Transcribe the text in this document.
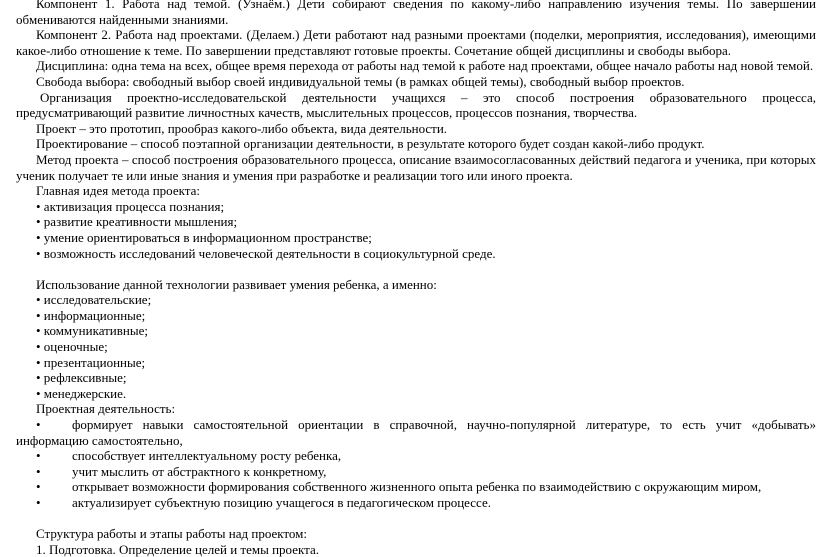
Компонент 1. Работа над темой. (Узнаём.) Дети собирают сведения по какому-либо направлению изучения темы. По завершении обмениваются найденными знаниями.

Компонент 2. Работа над проектами. (Делаем.) Дети работают над разными проектами (поделки, мероприятия, исследования), имеющими какое-либо отношение к теме. По завершении представляют готовые проекты. Сочетание общей дисциплины и свободы выбора.

Дисциплина: одна тема на всех, общее время перехода от работы над темой к работе над проектами, общее начало работы над новой темой.

Свобода выбора: свободный выбор своей индивидуальной темы (в рамках общей темы), свободный выбор проектов.

Организация проектно-исследовательской деятельности учащихся – это способ построения образовательного процесса, предусматривающий развитие личностных качеств, мыслительных процессов, процессов познания, творчества.

Проект – это прототип, прообраз какого-либо объекта, вида деятельности.

Проектирование – способ поэтапной организации деятельности, в результате которого будет создан какой-либо продукт.

Метод проекта – способ построения образовательного процесса, описание взаимосогласованных действий педагога и ученика, при которых ученик получает те или иные знания и умения при разработке и реализации того или иного проекта.

Главная идея метода проекта:

• активизация процесса познания;

• развитие креативности мышления;

• умение ориентироваться в информационном пространстве;

• возможность исследований человеческой деятельности в социокультурной среде.

Использование данной технологии развивает умения ребенка, а именно:

• исследовательские;

• информационные;

• коммуникативные;

• оценочные;

• презентационные;

• рефлексивные;

• менеджерские.

Проектная деятельность:

• формирует навыки самостоятельной ориентации в справочной, научно-популярной литературе, то есть учит «добывать» информацию самостоятельно,

• способствует интеллектуальному росту ребенка,

• учит мыслить от абстрактного к конкретному,

• открывает возможности формирования собственного жизненного опыта ребенка по взаимодействию с окружающим миром,

• актуализирует субъектную позицию учащегося в педагогическом процессе.

Структура работы и этапы работы над проектом:

1. Подготовка. Определение целей и темы проекта.
